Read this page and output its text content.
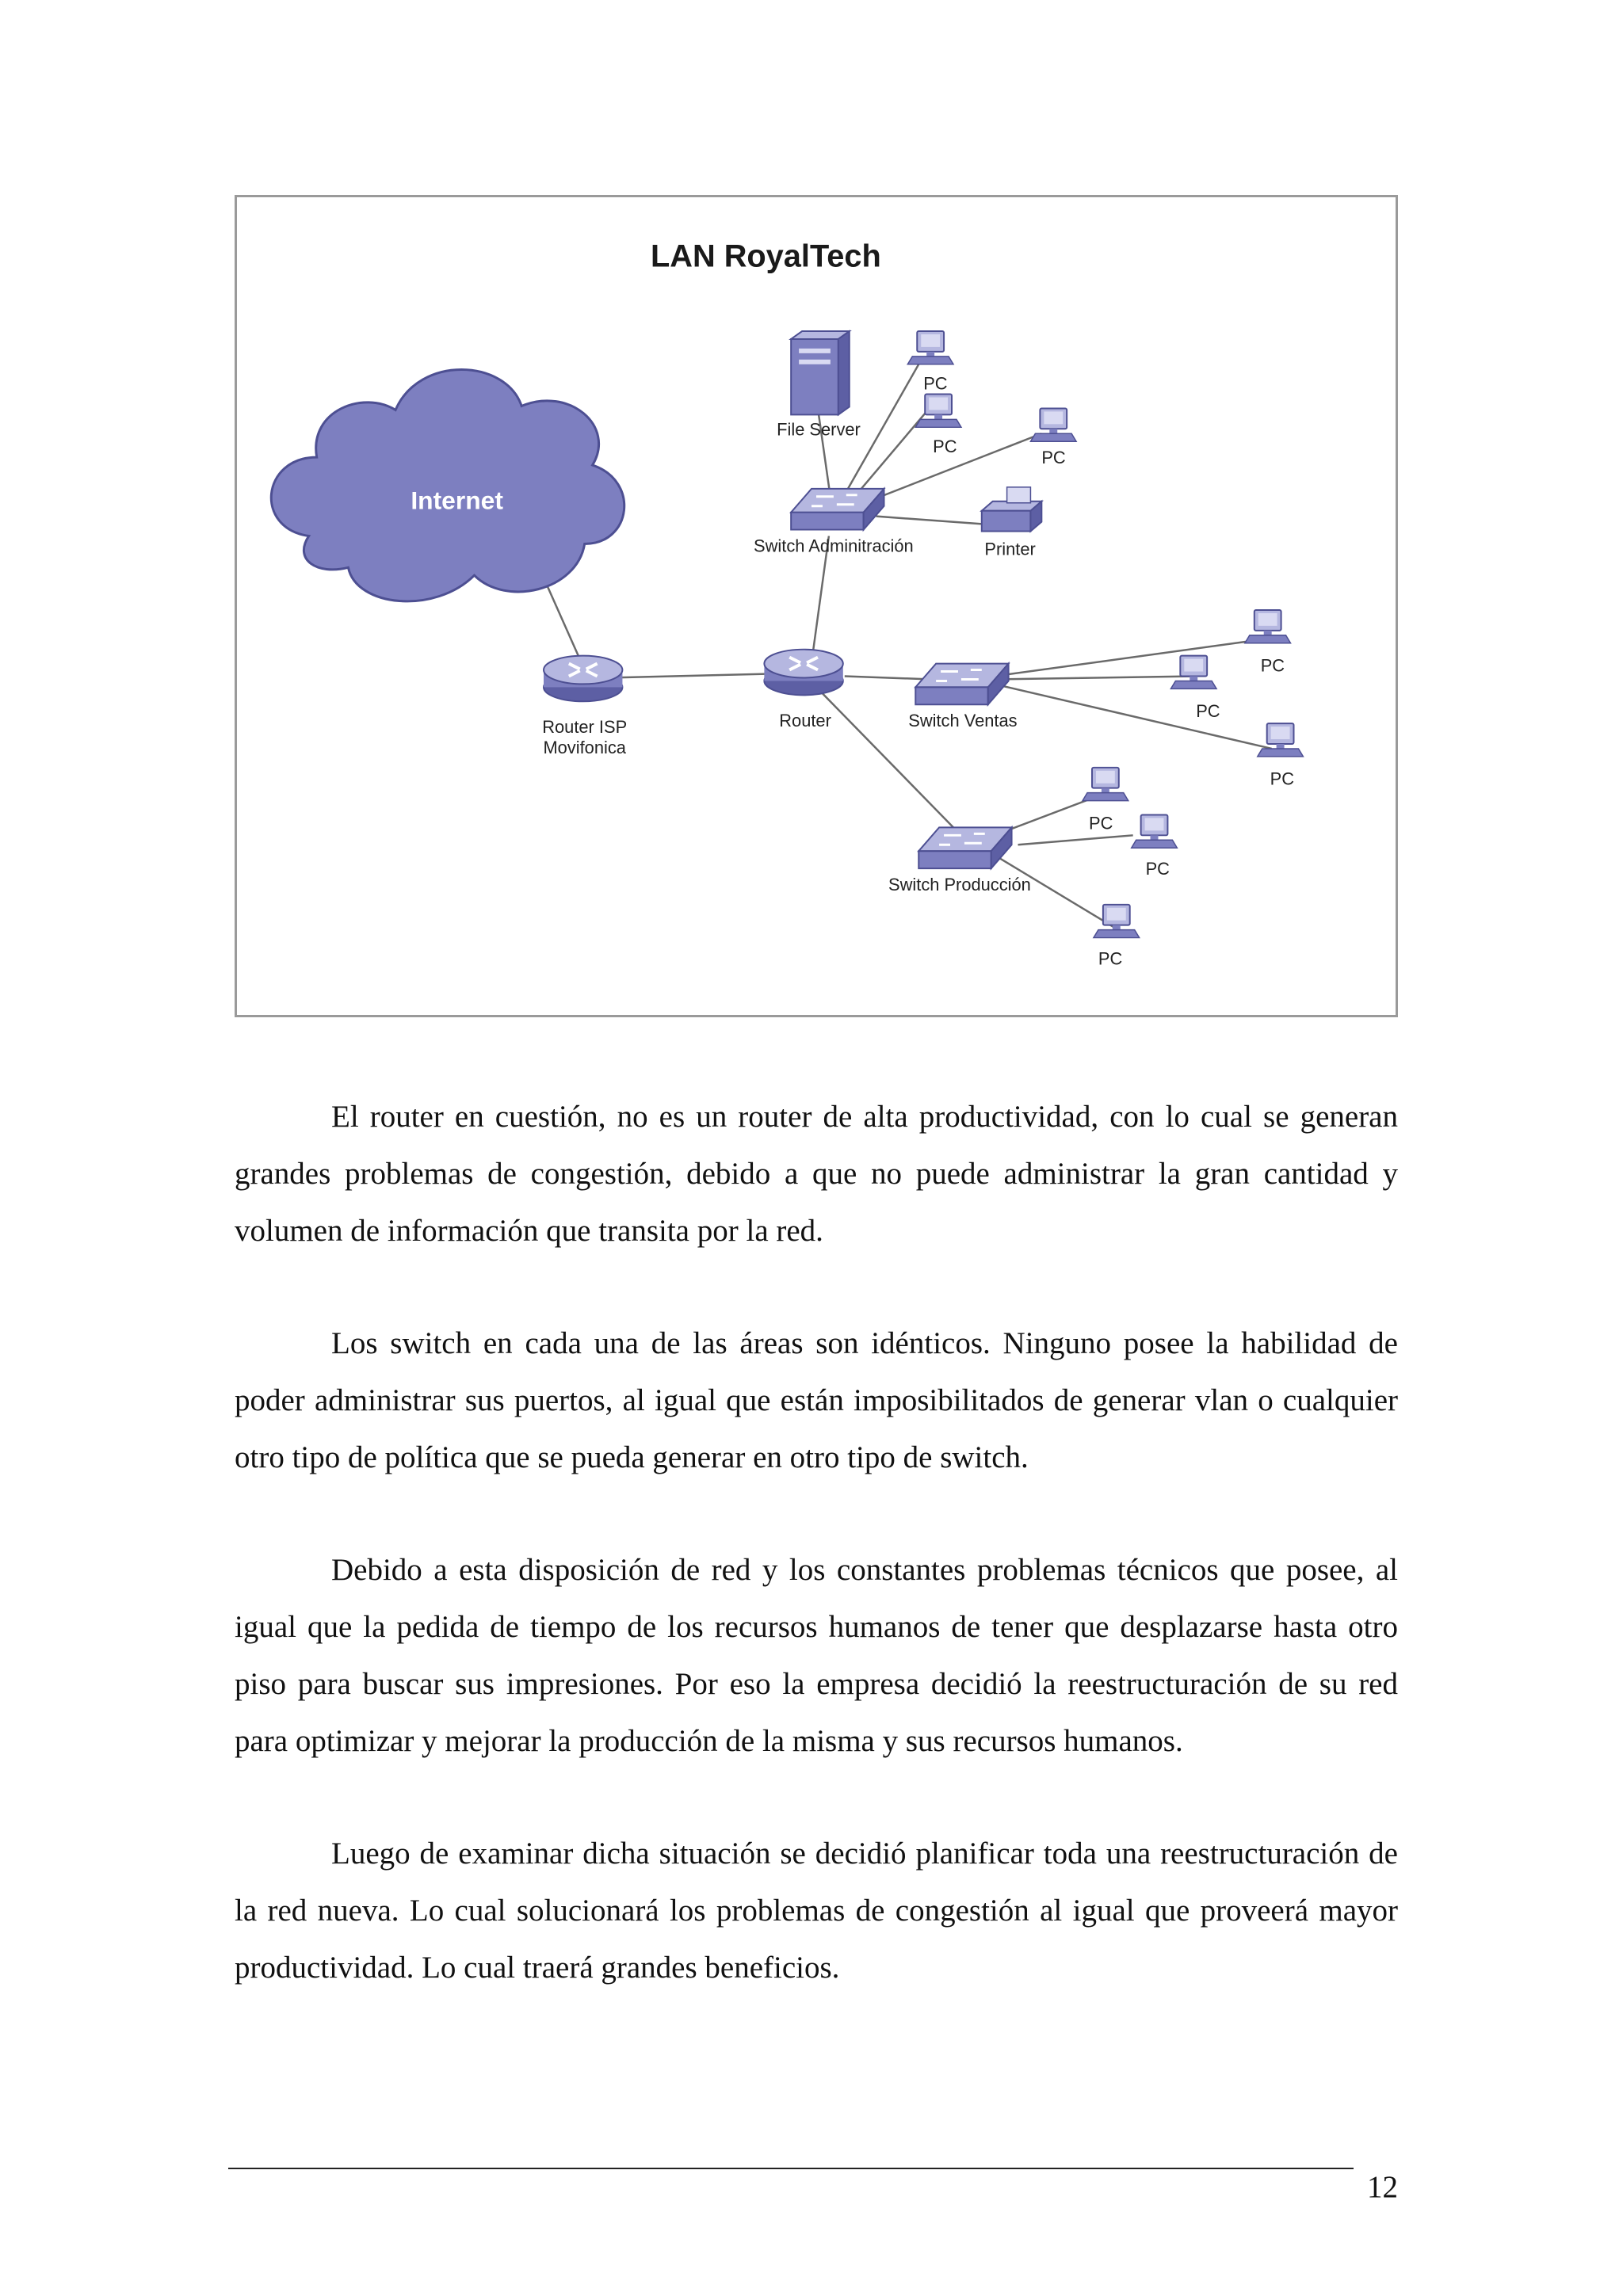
LAN RoyalTech
Internet
File Server
PC
PC
PC
Switch Adminitración	Printer
Router ISP
Movifonica
Router	Switch Ventas
PC
PC
PC
Switch Producción
PC
PC
PC

El router en cuestión, no es un router de alta productividad, con lo cual se generan grandes problemas de congestión, debido a que no puede administrar la gran cantidad y volumen de información que transita por la red.

Los switch en cada una de las áreas son idénticos. Ninguno posee la habilidad de poder administrar sus puertos, al igual que están imposibilitados de generar vlan o cualquier otro tipo de política que se pueda generar en otro tipo de switch.

Debido a esta disposición de red y los constantes problemas técnicos que posee, al igual que la pedida de tiempo de los recursos humanos de tener que desplazarse hasta otro piso para buscar sus impresiones. Por eso la empresa decidió la reestructuración de su red para optimizar y mejorar la producción de la misma y sus recursos humanos.

Luego de examinar dicha situación se decidió planificar toda una reestructuración de la red nueva. Lo cual solucionará los problemas de congestión al igual que proveerá mayor productividad. Lo cual traerá grandes beneficios.

12
